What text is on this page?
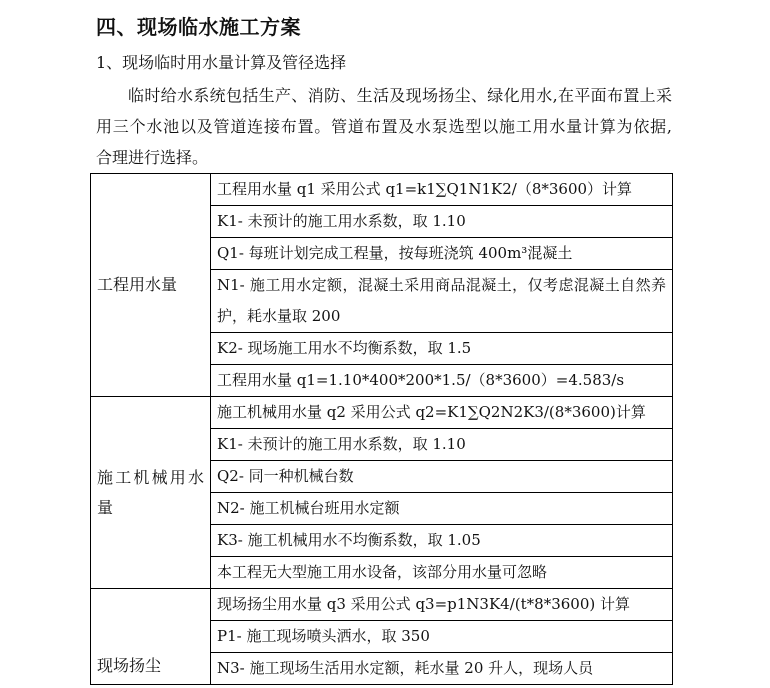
四、现场临水施工方案
1、现场临时用水量计算及管径选择
临时给水系统包括生产、消防、生活及现场扬尘、绿化用水,在平面布置上采
用三个水池以及管道连接布置。管道布置及水泵选型以施工用水量计算为依据,
合理进行选择。
工程用水量	工程用水量 q1 采用公式 q1=k1∑Q1N1K2/（8*3600）计算
	K1- 未预计的施工用水系数，取 1.10
	Q1- 每班计划完成工程量，按每班浇筑 400m³混凝土

	N1- 施工用水定额，混凝土采用商品混凝土，仅考虑混凝土自然养护，耗水量取 200

	K2- 现场施工用水不均衡系数，取 1.5
	工程用水量 q1=1.10*400*200*1.5/（8*3600）=4.583/s

施工机械用水量	施工机械用水量 q2 采用公式 q2=K1∑Q2N2K3/(8*3600)计算
	K1- 未预计的施工用水系数，取 1.10
	Q2- 同一种机械台数
	N2- 施工机械台班用水定额
	K3- 施工机械用水不均衡系数，取 1.05
	本工程无大型施工用水设备，该部分用水量可忽略

现场扬尘	现场扬尘用水量 q3 采用公式 q3=p1N3K4/(t*8*3600) 计算
	P1- 施工现场喷头洒水，取 350
	N3- 施工现场生活用水定额，耗水量 20 升人，现场人员
